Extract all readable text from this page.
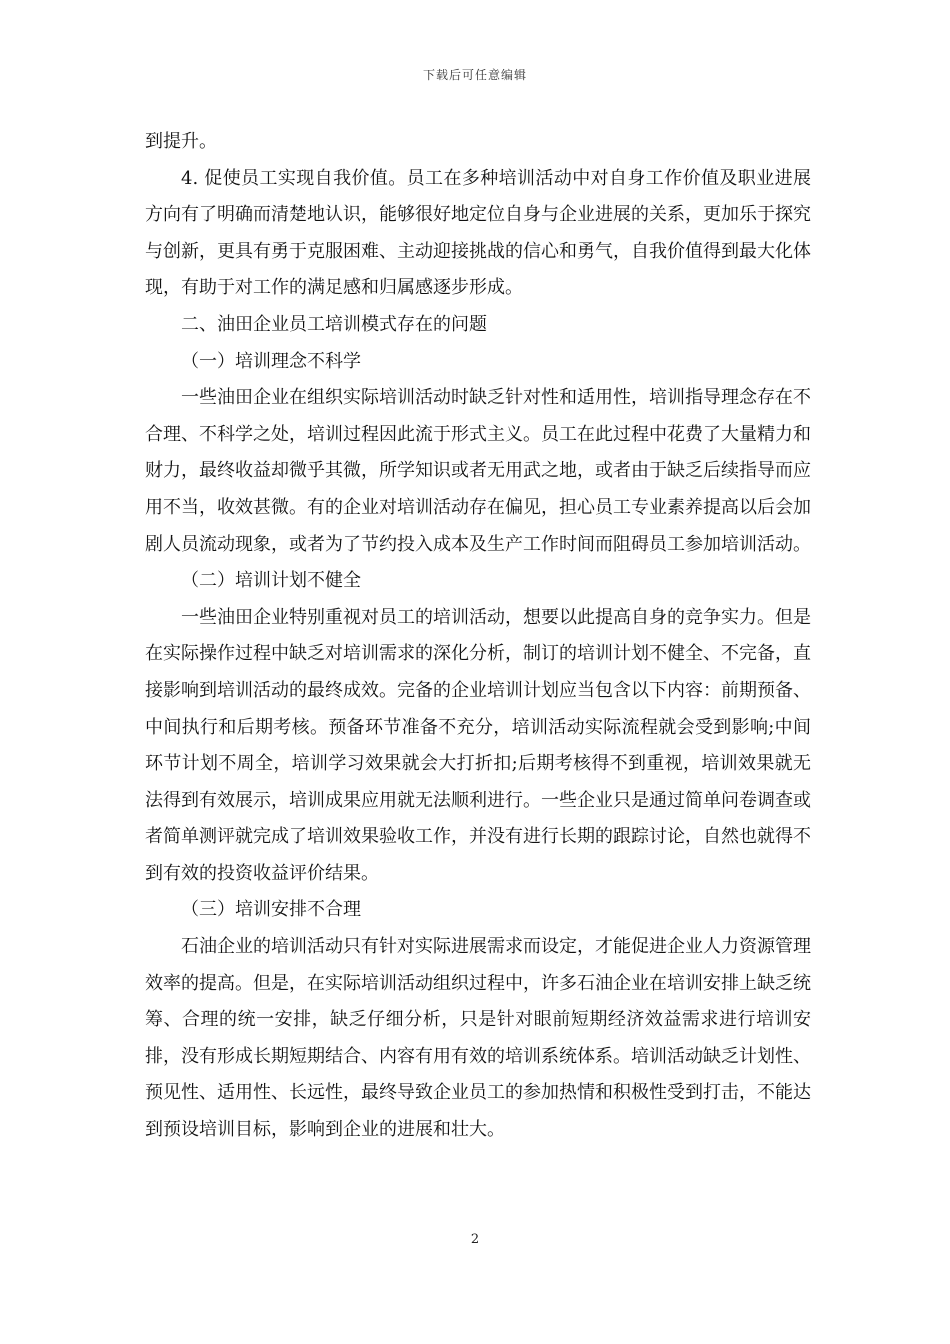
下载后可任意编辑

到提升。

4. 促使员工实现自我价值。员工在多种培训活动中对自身工作价值及职业进展方向有了明确而清楚地认识，能够很好地定位自身与企业进展的关系，更加乐于探究与创新，更具有勇于克服困难、主动迎接挑战的信心和勇气，自我价值得到最大化体现，有助于对工作的满足感和归属感逐步形成。

二、油田企业员工培训模式存在的问题

（一）培训理念不科学

一些油田企业在组织实际培训活动时缺乏针对性和适用性，培训指导理念存在不合理、不科学之处，培训过程因此流于形式主义。员工在此过程中花费了大量精力和财力，最终收益却微乎其微，所学知识或者无用武之地，或者由于缺乏后续指导而应用不当，收效甚微。有的企业对培训活动存在偏见，担心员工专业素养提高以后会加剧人员流动现象，或者为了节约投入成本及生产工作时间而阻碍员工参加培训活动。

（二）培训计划不健全

一些油田企业特别重视对员工的培训活动，想要以此提高自身的竞争实力。但是在实际操作过程中缺乏对培训需求的深化分析，制订的培训计划不健全、不完备，直接影响到培训活动的最终成效。完备的企业培训计划应当包含以下内容：前期预备、中间执行和后期考核。预备环节准备不充分，培训活动实际流程就会受到影响;中间环节计划不周全，培训学习效果就会大打折扣;后期考核得不到重视，培训效果就无法得到有效展示，培训成果应用就无法顺利进行。一些企业只是通过简单问卷调查或者简单测评就完成了培训效果验收工作，并没有进行长期的跟踪讨论，自然也就得不到有效的投资收益评价结果。

（三）培训安排不合理

石油企业的培训活动只有针对实际进展需求而设定，才能促进企业人力资源管理效率的提高。但是，在实际培训活动组织过程中，许多石油企业在培训安排上缺乏统筹、合理的统一安排，缺乏仔细分析，只是针对眼前短期经济效益需求进行培训安排，没有形成长期短期结合、内容有用有效的培训系统体系。培训活动缺乏计划性、预见性、适用性、长远性，最终导致企业员工的参加热情和积极性受到打击，不能达到预设培训目标，影响到企业的进展和壮大。

2
